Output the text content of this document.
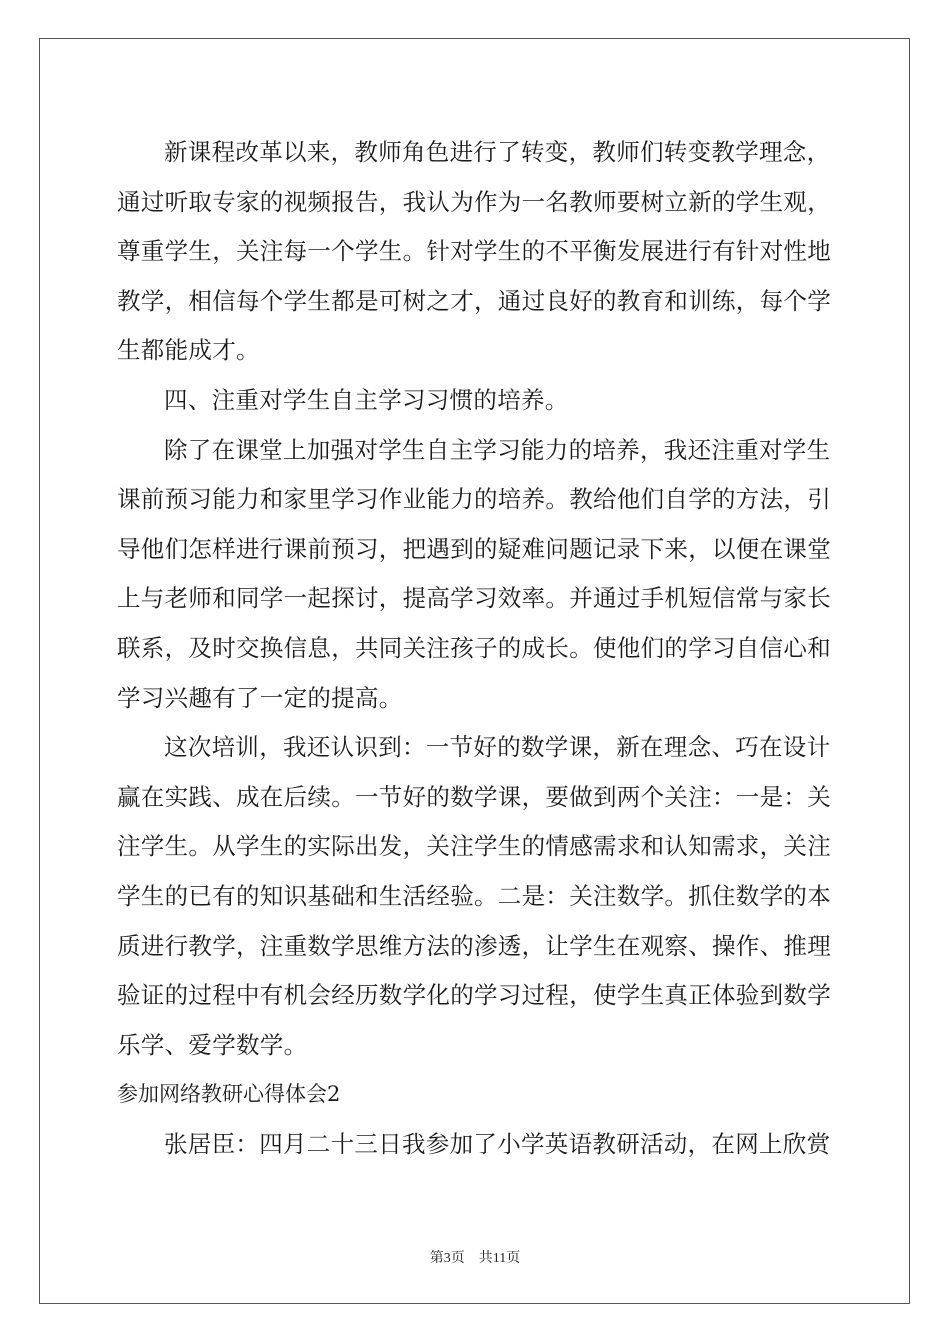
新课程改革以来，教师角色进行了转变，教师们转变教学理念，
通过听取专家的视频报告，我认为作为一名教师要树立新的学生观，
尊重学生，关注每一个学生。针对学生的不平衡发展进行有针对性地
教学，相信每个学生都是可树之才，通过良好的教育和训练，每个学
生都能成才。
四、注重对学生自主学习习惯的培养。
除了在课堂上加强对学生自主学习能力的培养，我还注重对学生
课前预习能力和家里学习作业能力的培养。教给他们自学的方法，引
导他们怎样进行课前预习，把遇到的疑难问题记录下来，以便在课堂
上与老师和同学一起探讨，提高学习效率。并通过手机短信常与家长
联系，及时交换信息，共同关注孩子的成长。使他们的学习自信心和
学习兴趣有了一定的提高。
这次培训，我还认识到：一节好的数学课，新在理念、巧在设计
赢在实践、成在后续。一节好的数学课，要做到两个关注：一是：关
注学生。从学生的实际出发，关注学生的情感需求和认知需求，关注
学生的已有的知识基础和生活经验。二是：关注数学。抓住数学的本
质进行教学，注重数学思维方法的渗透，让学生在观察、操作、推理
验证的过程中有机会经历数学化的学习过程，使学生真正体验到数学
乐学、爱学数学。
参加网络教研心得体会2
张居臣：四月二十三日我参加了小学英语教研活动，在网上欣赏
第3页　共11页
